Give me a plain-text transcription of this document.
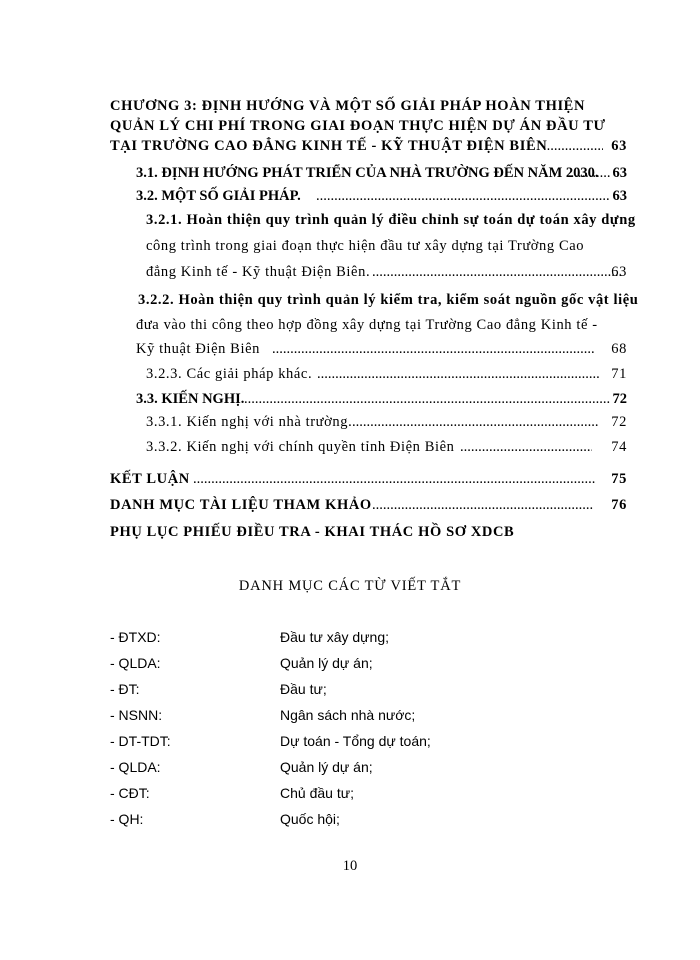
CHƯƠNG 3: ĐỊNH HƯỚNG VÀ MỘT SỐ GIẢI PHÁP HOÀN THIỆN
QUẢN LÝ CHI PHÍ TRONG GIAI ĐOẠN THỰC HIỆN DỰ ÁN ĐẦU TƯ
TẠI TRƯỜNG CAO ĐẲNG KINH TẾ - KỸ THUẬT ĐIỆN BIÊN .....	63
3.1. ĐỊNH HƯỚNG PHÁT TRIỂN CỦA NHÀ TRƯỜNG ĐẾN NĂM 2030. ..... 63
3.2. MỘT SỐ GIẢI PHÁP. .....	63
3.2.1. Hoàn thiện quy trình quản lý điều chỉnh sự toán dự toán xây dựng
công trình trong giai đoạn thực hiện đầu tư xây dựng tại Trường Cao
đẳng Kinh tế - Kỹ thuật Điện Biên. .....	63
3.2.2. Hoàn thiện quy trình quản lý kiểm tra, kiểm soát nguồn gốc vật liệu
đưa vào thi công theo hợp đồng xây dựng tại Trường Cao đẳng Kinh tế -
Kỹ thuật Điện Biên .....	68
3.2.3. Các giải pháp khác. .....	71
3.3. KIẾN NGHỊ. .....	72
3.3.1. Kiến nghị với nhà trường. .....	72
3.3.2. Kiến nghị với chính quyền tỉnh Điện Biên .....	74
KẾT LUẬN .....	75
DANH MỤC TÀI LIỆU THAM KHẢO .....	76
PHỤ LỤC PHIẾU ĐIỀU TRA - KHAI THÁC HỒ SƠ XDCB
DANH MỤC CÁC TỪ VIẾT TẮT
- ĐTXD:	Đầu tư xây dựng;
- QLDA:	Quản lý dự án;
- ĐT:	Đầu tư;
- NSNN:	Ngân sách nhà nước;
- DT-TDT:	Dự toán - Tổng dự toán;
- QLDA:	Quản lý dự án;
- CĐT:	Chủ đầu tư;
- QH:	Quốc hội;
10
